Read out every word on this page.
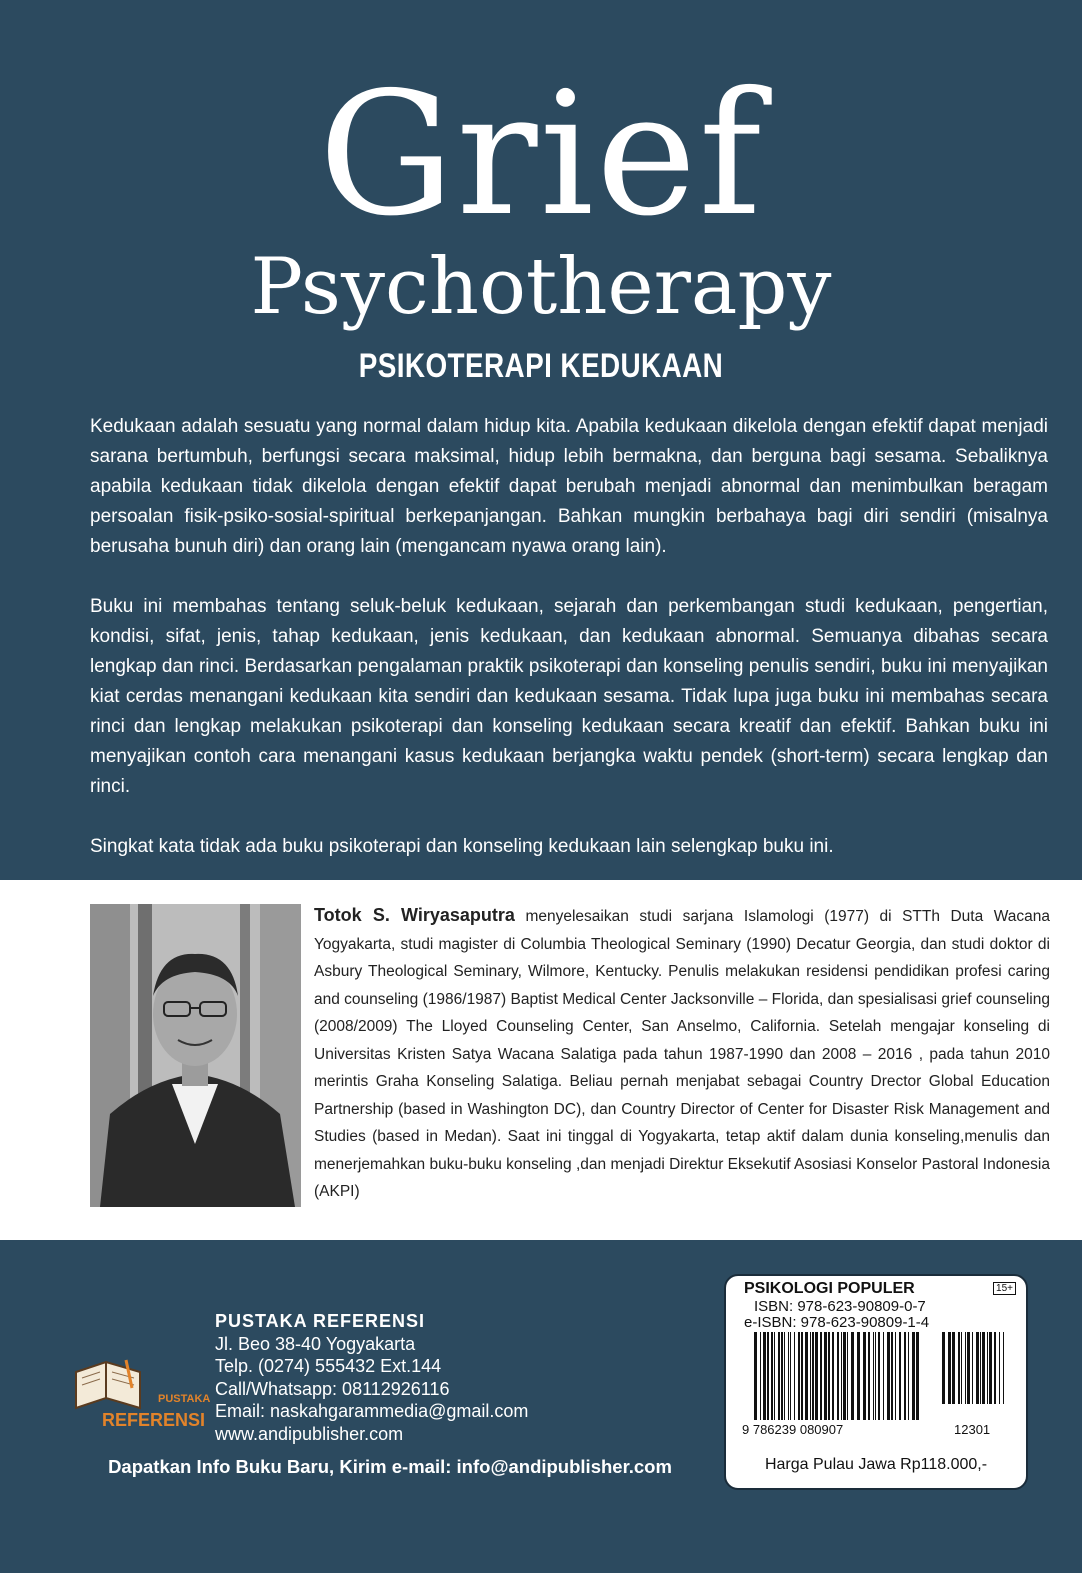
Grief
Psychotherapy
PSIKOTERAPI KEDUKAAN

Kedukaan adalah sesuatu yang normal dalam hidup kita. Apabila kedukaan dikelola dengan efektif dapat menjadi sarana bertumbuh, berfungsi secara maksimal, hidup lebih bermakna, dan berguna bagi sesama. Sebaliknya apabila kedukaan tidak dikelola dengan efektif dapat berubah menjadi abnormal dan menimbulkan beragam persoalan fisik-psiko-sosial-spiritual berkepanjangan. Bahkan mungkin berbahaya bagi diri sendiri (misalnya berusaha bunuh diri) dan orang lain (mengancam nyawa orang lain).

Buku ini membahas tentang seluk-beluk kedukaan, sejarah dan perkembangan studi kedukaan, pengertian, kondisi, sifat, jenis, tahap kedukaan, jenis kedukaan, dan kedukaan abnormal. Semuanya dibahas secara lengkap dan rinci. Berdasarkan pengalaman praktik psikoterapi dan konseling penulis sendiri, buku ini menyajikan kiat cerdas menangani kedukaan kita sendiri dan kedukaan sesama. Tidak lupa juga buku ini membahas secara rinci dan lengkap melakukan psikoterapi dan konseling kedukaan secara kreatif dan efektif. Bahkan buku ini menyajikan contoh cara menangani kasus kedukaan berjangka waktu pendek (short-term) secara lengkap dan rinci.

Singkat kata tidak ada buku psikoterapi dan konseling kedukaan lain selengkap buku ini.

Totok S. Wiryasaputra menyelesaikan studi sarjana Islamologi (1977) di STTh Duta Wacana Yogyakarta, studi magister di Columbia Theological Seminary (1990) Decatur Georgia, dan studi doktor di Asbury Theological Seminary, Wilmore, Kentucky. Penulis melakukan residensi pendidikan profesi caring and counseling (1986/1987) Baptist Medical Center Jacksonville – Florida, dan spesialisasi grief counseling (2008/2009) The Lloyed Counseling Center, San Anselmo, California. Setelah mengajar konseling di Universitas Kristen Satya Wacana Salatiga pada tahun 1987-1990 dan 2008 – 2016 , pada tahun 2010 merintis Graha Konseling Salatiga. Beliau pernah menjabat sebagai Country Drector Global Education Partnership (based in Washington DC), dan Country Director of Center for Disaster Risk Management and Studies (based in Medan). Saat ini tinggal di Yogyakarta, tetap aktif dalam dunia konseling,menulis dan menerjemahkan buku-buku konseling ,dan menjadi Direktur Eksekutif Asosiasi Konselor Pastoral Indonesia (AKPI)
PUSTAKA
REFERENSI
PUSTAKA REFERENSI
Jl. Beo 38-40 Yogyakarta
Telp. (0274) 555432 Ext.144
Call/Whatsapp: 08112926116
Email: naskahgarammedia@gmail.com
www.andipublisher.com
Dapatkan Info Buku Baru, Kirim e-mail: info@andipublisher.com
PSIKOLOGI POPULER	15+
ISBN: 978-623-90809-0-7
e-ISBN: 978-623-90809-1-4
9 786239 080907	12301
Harga Pulau Jawa Rp118.000,-
